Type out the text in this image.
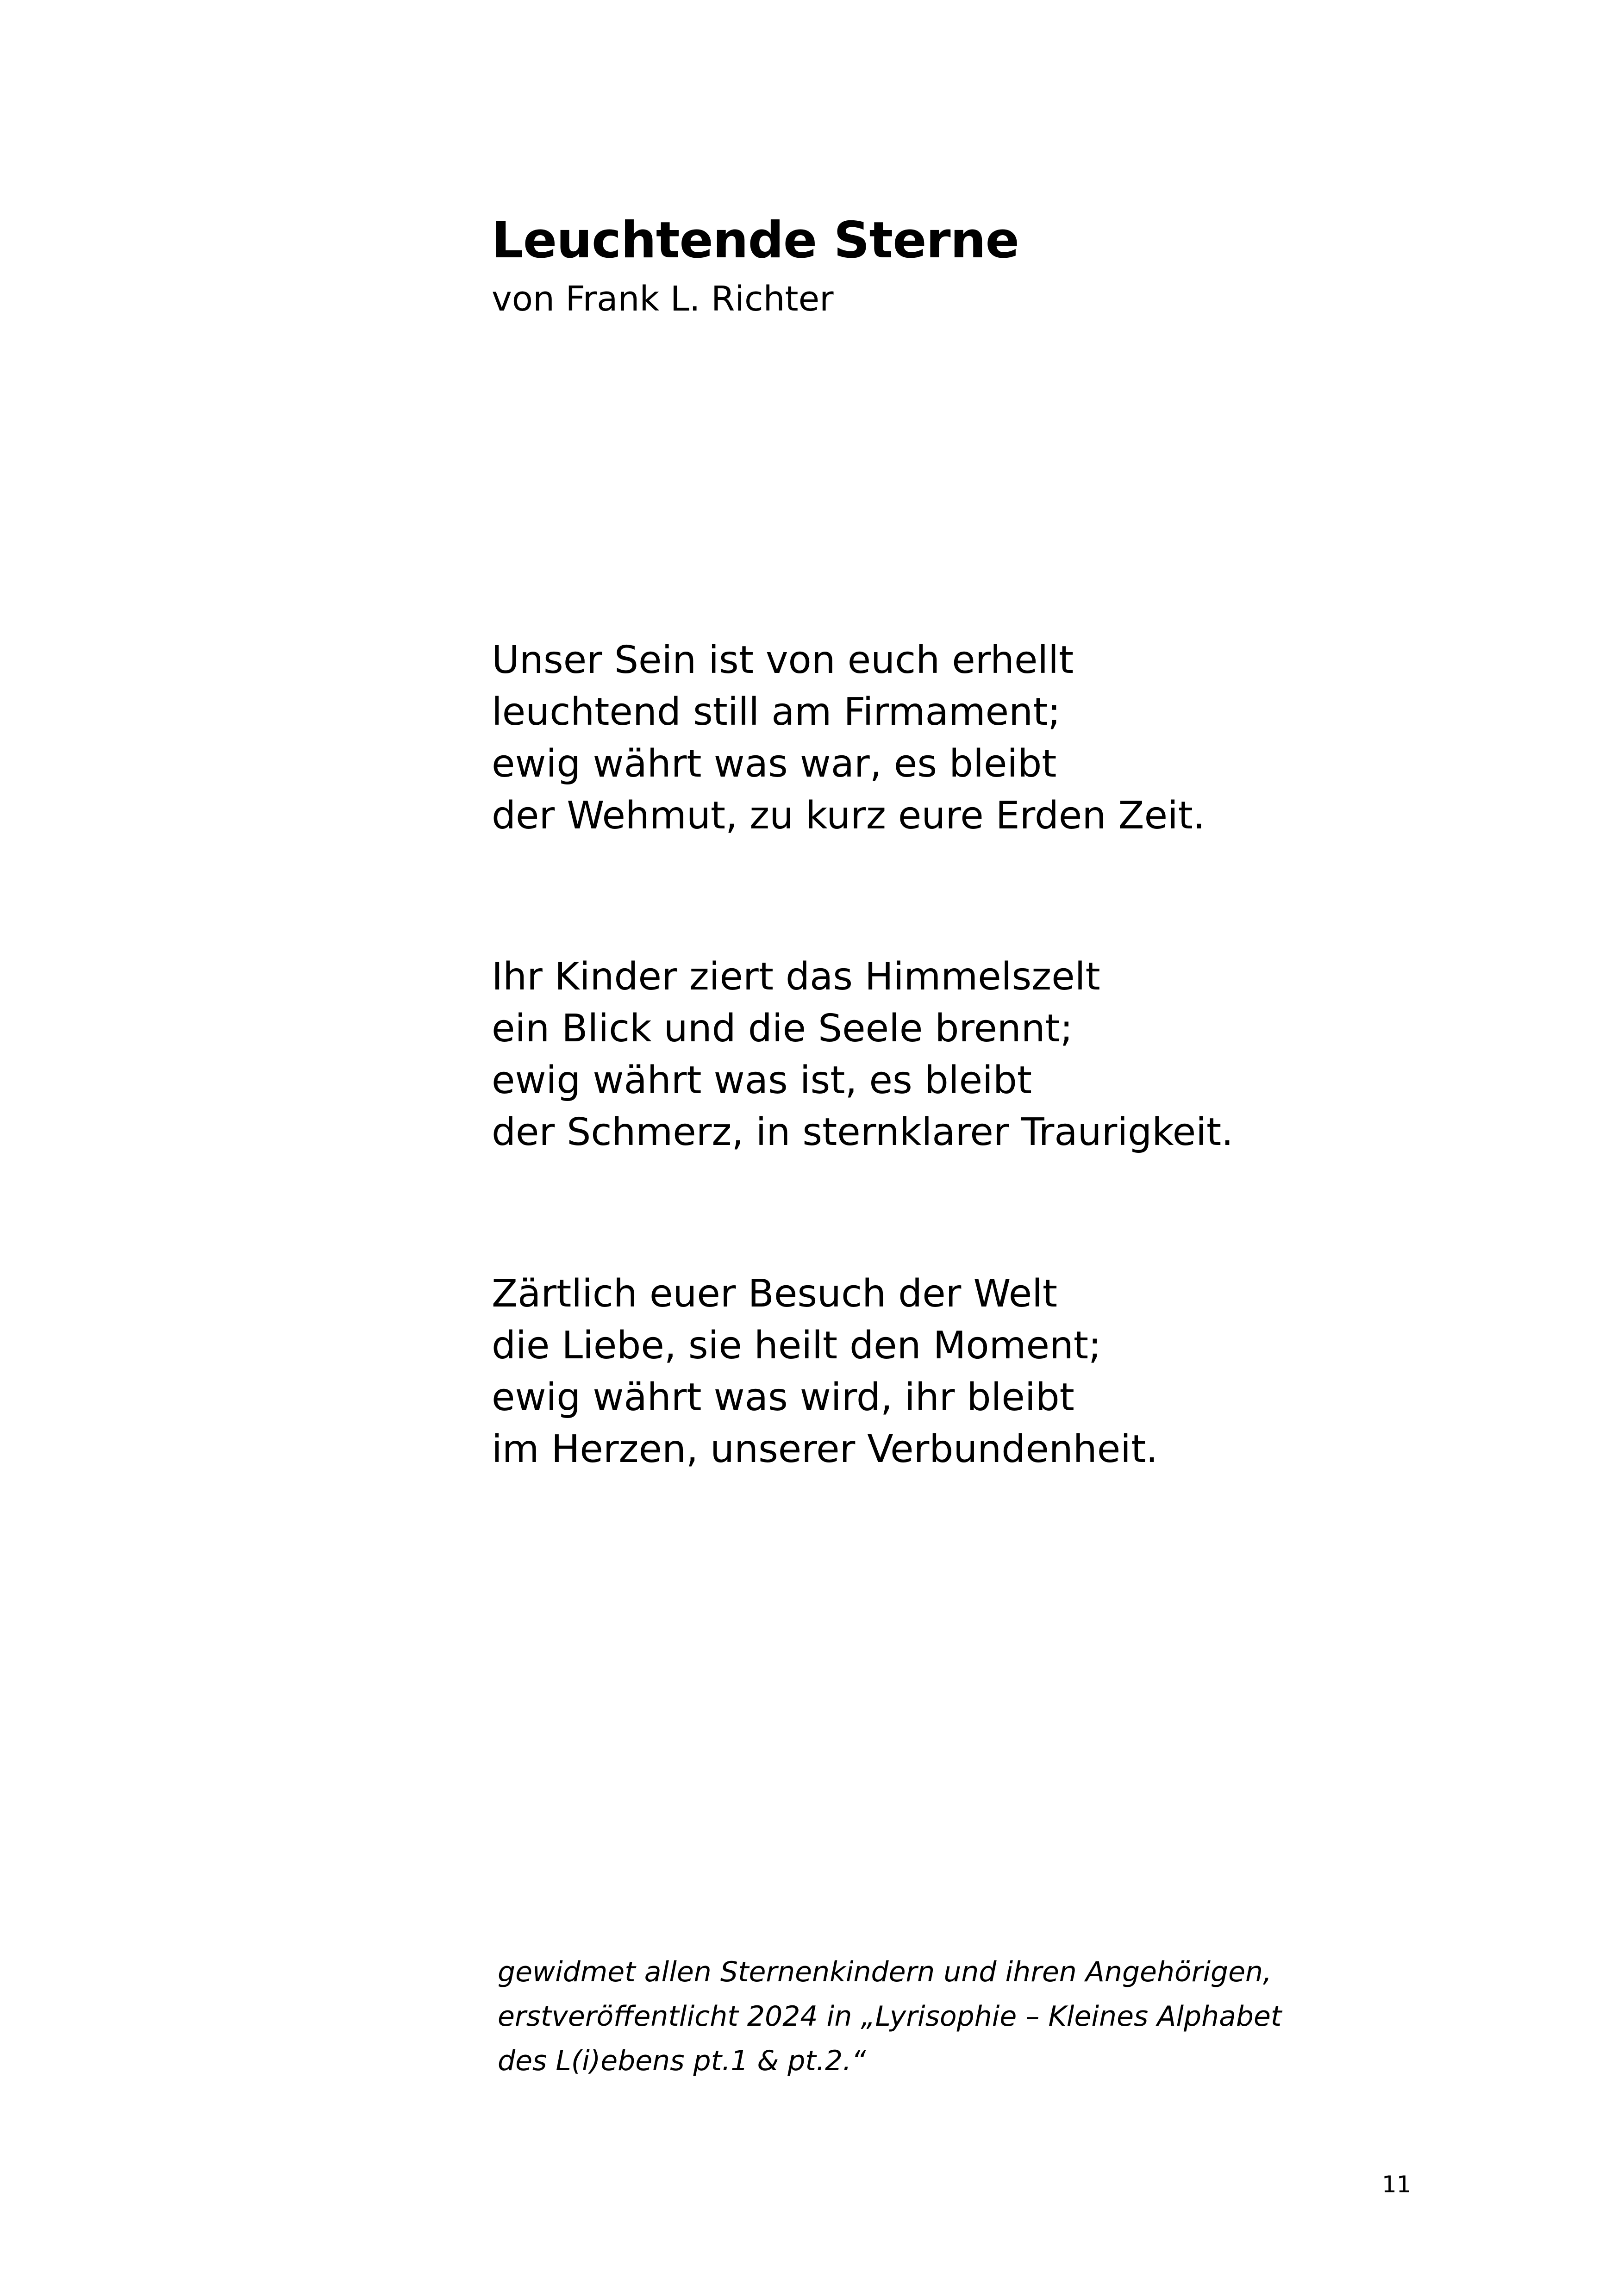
Leuchtende Sterne
von Frank L. Richter
Unser Sein ist von euch erhellt
leuchtend still am Firmament;
ewig währt was war, es bleibt
der Wehmut, zu kurz eure Erden Zeit.
Ihr Kinder ziert das Himmelszelt
ein Blick und die Seele brennt;
ewig währt was ist, es bleibt
der Schmerz, in sternklarer Traurigkeit.
Zärtlich euer Besuch der Welt
die Liebe, sie heilt den Moment;
ewig währt was wird, ihr bleibt
im Herzen, unserer Verbundenheit.
gewidmet allen Sternenkindern und ihren Angehörigen,
erstveröffentlicht 2024 in „Lyrisophie – Kleines Alphabet
des L(i)ebens pt.1 & pt.2.“
11
